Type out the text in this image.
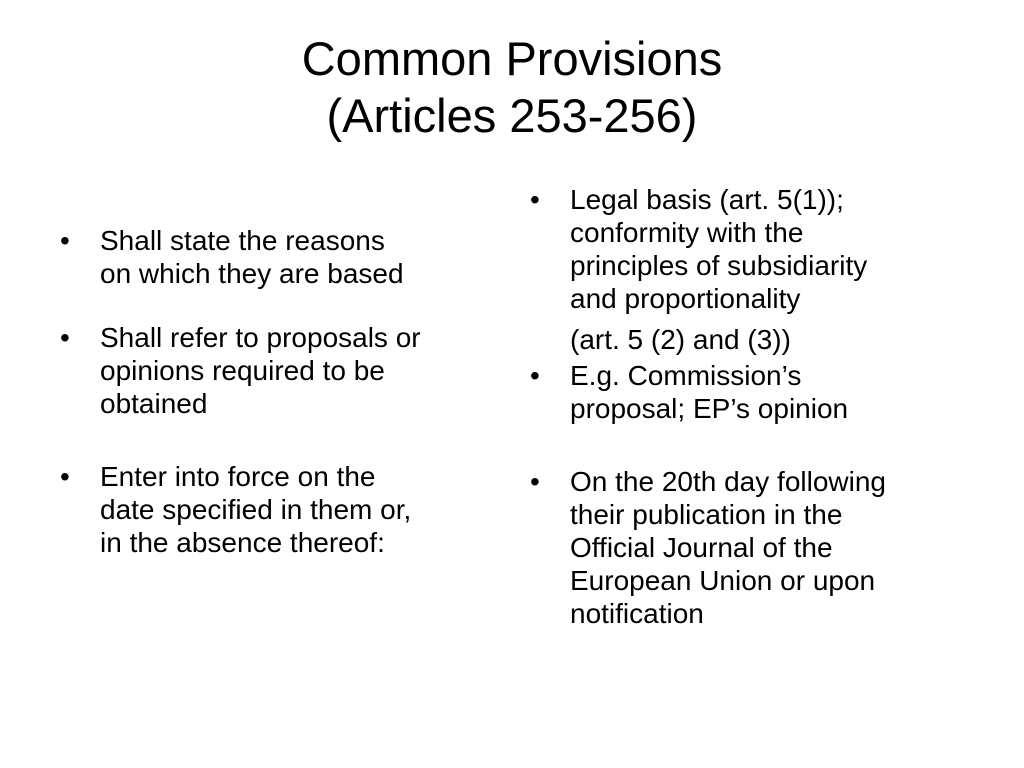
Common Provisions
(Articles 253-256)
• Shall state the reasons
on which they are based
• Shall refer to proposals or
opinions required to be
obtained
• Enter into force on the
date specified in them or,
in the absence thereof:
• Legal basis (art. 5(1));
conformity with the
principles of subsidiarity
and proportionality
(art. 5 (2) and (3))
• E.g. Commission’s
proposal; EP’s opinion
• On the 20th day following
their publication in the
Official Journal of the
European Union or upon
notification
